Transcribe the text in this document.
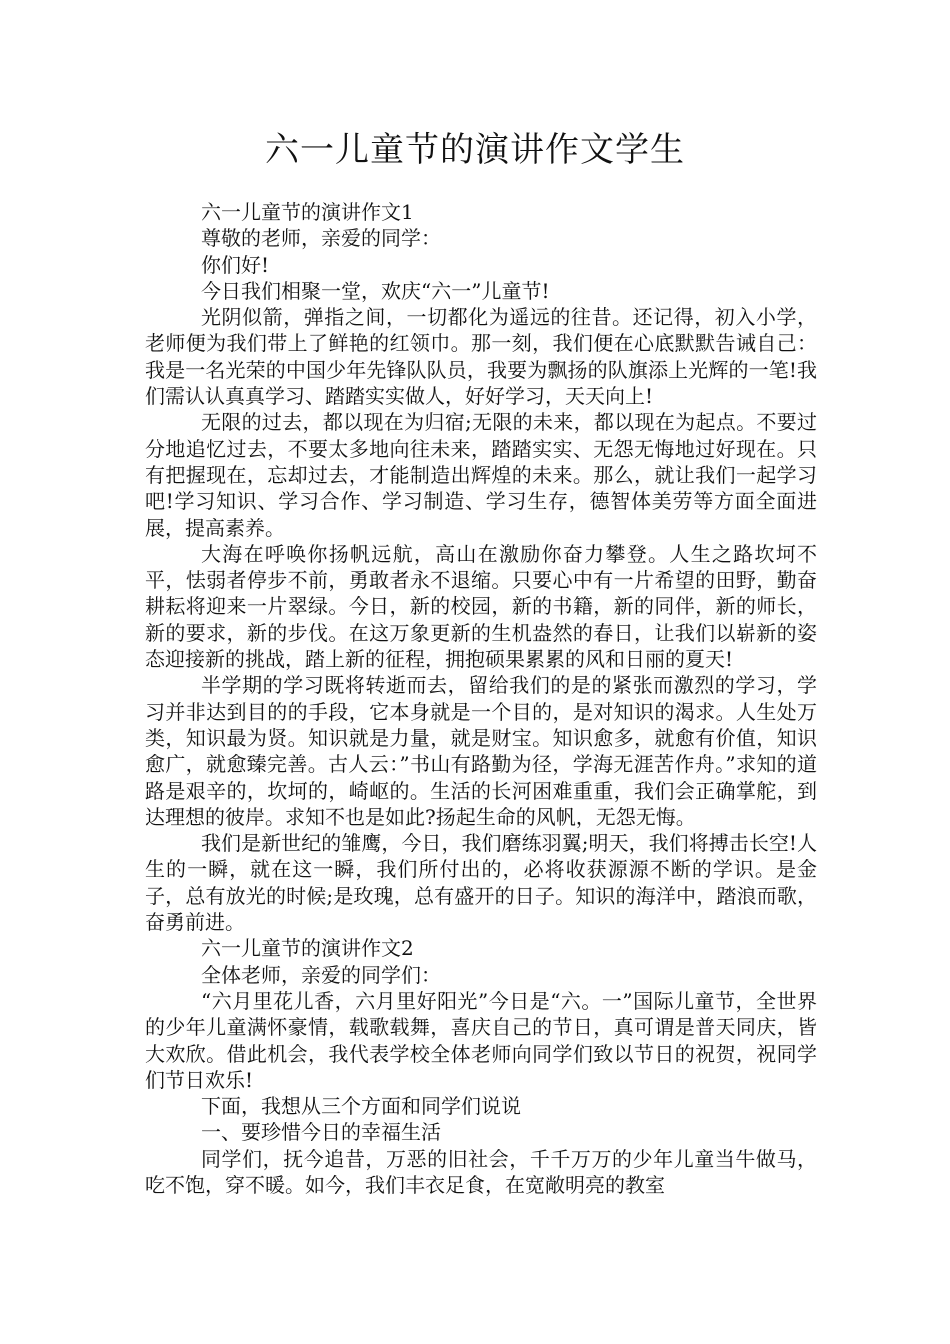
六一儿童节的演讲作文学生

六一儿童节的演讲作文1

尊敬的老师，亲爱的同学：

你们好!

今日我们相聚一堂，欢庆“六一”儿童节!

光阴似箭，弹指之间，一切都化为遥远的往昔。还记得，初入小学，老师便为我们带上了鲜艳的红领巾。那一刻，我们便在心底默默告诫自己：我是一名光荣的中国少年先锋队队员，我要为飘扬的队旗添上光辉的一笔!我们需认认真真学习、踏踏实实做人，好好学习，天天向上!

无限的过去，都以现在为归宿;无限的未来，都以现在为起点。不要过分地追忆过去，不要太多地向往未来，踏踏实实、无怨无悔地过好现在。只有把握现在，忘却过去，才能制造出辉煌的未来。那么，就让我们一起学习吧!学习知识、学习合作、学习制造、学习生存，德智体美劳等方面全面进展，提高素养。

大海在呼唤你扬帆远航，高山在激励你奋力攀登。人生之路坎坷不平，怯弱者停步不前，勇敢者永不退缩。只要心中有一片希望的田野，勤奋耕耘将迎来一片翠绿。今日，新的校园，新的书籍，新的同伴，新的师长，新的要求，新的步伐。在这万象更新的生机盎然的春日，让我们以崭新的姿态迎接新的挑战，踏上新的征程，拥抱硕果累累的风和日丽的夏天!

半学期的学习既将转逝而去，留给我们的是的紧张而激烈的学习，学习并非达到目的的手段，它本身就是一个目的，是对知识的渴求。人生处万类，知识最为贤。知识就是力量，就是财宝。知识愈多，就愈有价值，知识愈广，就愈臻完善。古人云：”书山有路勤为径，学海无涯苦作舟。”求知的道路是艰辛的，坎坷的，崎岖的。生活的长河困难重重，我们会正确掌舵，到达理想的彼岸。求知不也是如此?扬起生命的风帆，无怨无悔。

我们是新世纪的雏鹰，今日，我们磨练羽翼;明天，我们将搏击长空!人生的一瞬，就在这一瞬，我们所付出的，必将收获源源不断的学识。是金子，总有放光的时候;是玫瑰，总有盛开的日子。知识的海洋中，踏浪而歌，奋勇前进。

六一儿童节的演讲作文2

全体老师，亲爱的同学们：

“六月里花儿香，六月里好阳光”今日是“六。一”国际儿童节，全世界的少年儿童满怀豪情，载歌载舞，喜庆自己的节日，真可谓是普天同庆，皆大欢欣。借此机会，我代表学校全体老师向同学们致以节日的祝贺，祝同学们节日欢乐!

下面，我想从三个方面和同学们说说

一、要珍惜今日的幸福生活

同学们，抚今追昔，万恶的旧社会，千千万万的少年儿童当牛做马，吃不饱，穿不暖。如今，我们丰衣足食，在宽敞明亮的教室
